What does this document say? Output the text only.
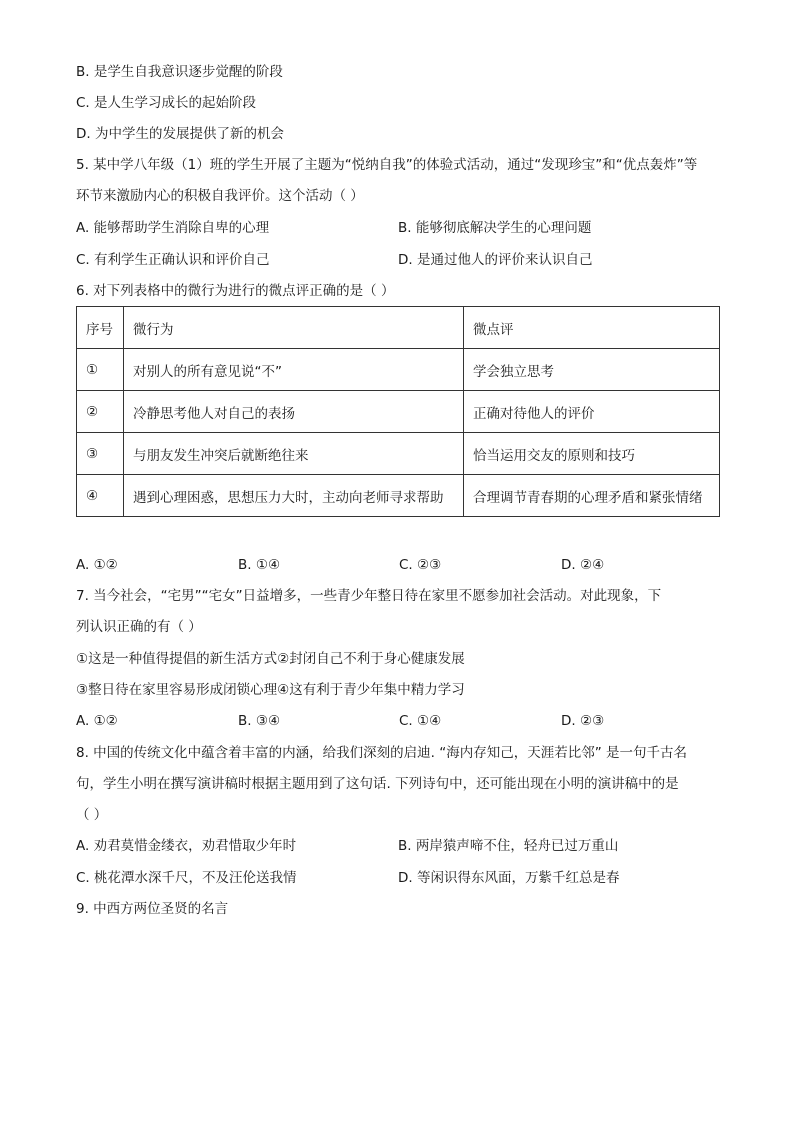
B. 是学生自我意识逐步觉醒的阶段
C. 是人生学习成长的起始阶段
D. 为中学生的发展提供了新的机会
5. 某中学八年级（1）班的学生开展了主题为“悦纳自我”的体验式活动，通过“发现珍宝”和“优点轰炸”等
环节来激励内心的积极自我评价。这个活动（ ）
A. 能够帮助学生消除自卑的心理	B. 能够彻底解决学生的心理问题
C. 有利学生正确认识和评价自己	D. 是通过他人的评价来认识自己
6. 对下列表格中的微行为进行的微点评正确的是（ ）
序号	微行为	微点评
①	对别人的所有意见说“不”	学会独立思考
②	冷静思考他人对自己的表扬	正确对待他人的评价
③	与朋友发生冲突后就断绝往来	恰当运用交友的原则和技巧
④	遇到心理困惑，思想压力大时，主动向老师寻求帮助	合理调节青春期的心理矛盾和紧张情绪
A. ①②	B. ①④	C. ②③	D. ②④
7. 当今社会，“宅男”“宅女”日益增多，一些青少年整日待在家里不愿参加社会活动。对此现象，下
列认识正确的有（ ）
①这是一种值得提倡的新生活方式②封闭自己不利于身心健康发展
③整日待在家里容易形成闭锁心理④这有利于青少年集中精力学习
A. ①②	B. ③④	C. ①④	D. ②③
8. 中国的传统文化中蕴含着丰富的内涵，给我们深刻的启迪. “海内存知己，天涯若比邻” 是一句千古名
句，学生小明在撰写演讲稿时根据主题用到了这句话. 下列诗句中，还可能出现在小明的演讲稿中的是
（ ）
A. 劝君莫惜金缕衣，劝君惜取少年时	B. 两岸猿声啼不住，轻舟已过万重山
C. 桃花潭水深千尺，不及汪伦送我情	D. 等闲识得东风面，万紫千红总是春
9. 中西方两位圣贤的名言
